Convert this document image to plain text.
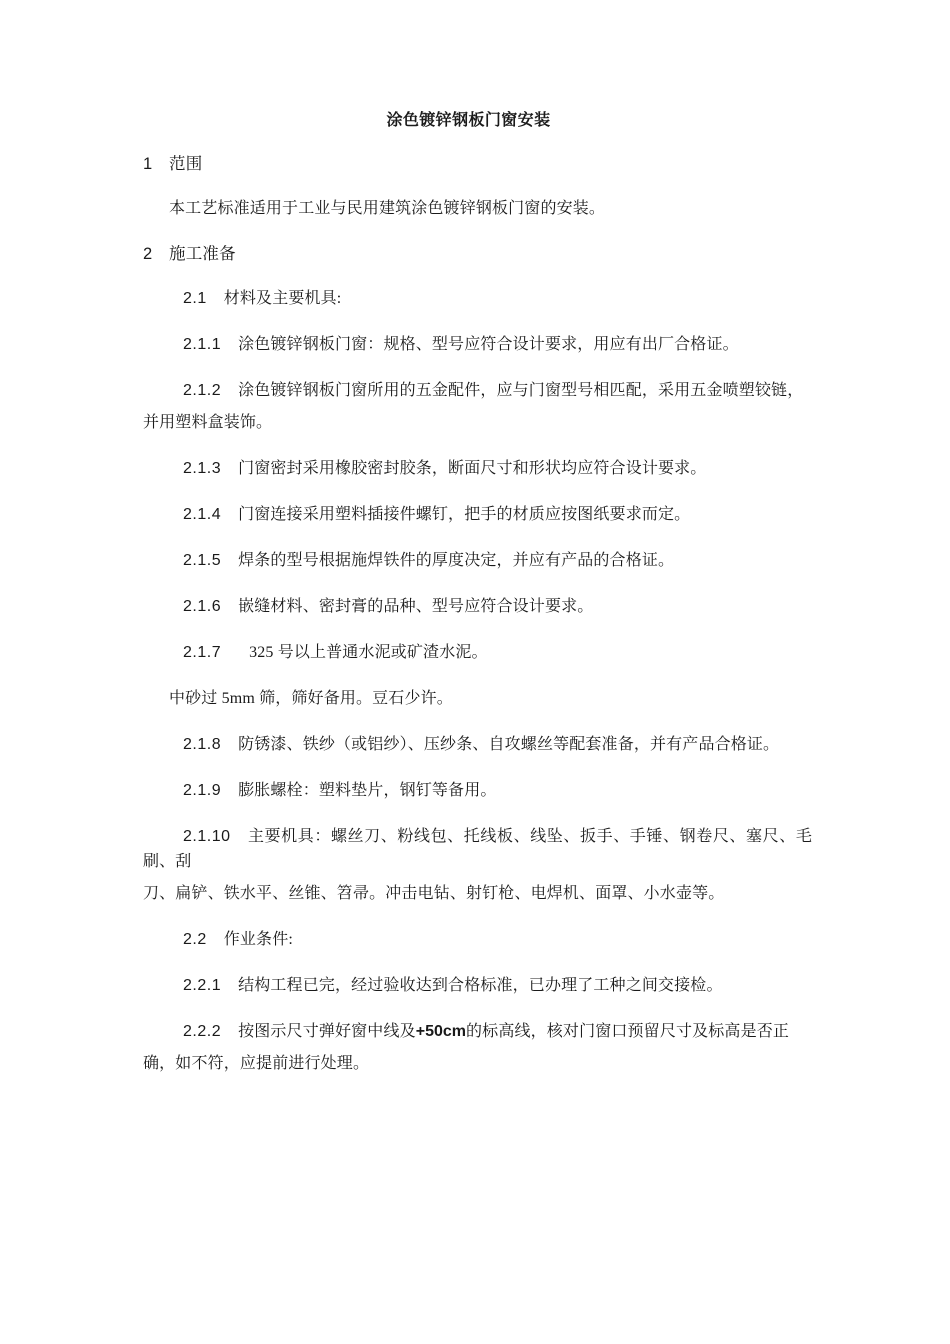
涂色镀锌钢板门窗安装

1 范围

本工艺标准适用于工业与民用建筑涂色镀锌钢板门窗的安装。

2 施工准备

2.1 材料及主要机具:

2.1.1 涂色镀锌钢板门窗：规格、型号应符合设计要求，用应有出厂合格证。

2.1.2 涂色镀锌钢板门窗所用的五金配件，应与门窗型号相匹配，采用五金喷塑铰链，

并用塑料盒装饰。

2.1.3 门窗密封采用橡胶密封胶条，断面尺寸和形状均应符合设计要求。

2.1.4 门窗连接采用塑料插接件螺钉，把手的材质应按图纸要求而定。

2.1.5 焊条的型号根据施焊铁件的厚度决定，并应有产品的合格证。

2.1.6 嵌缝材料、密封膏的品种、型号应符合设计要求。

2.1.7 325 号以上普通水泥或矿渣水泥。

中砂过 5mm 筛，筛好备用。豆石少许。

2.1.8 防锈漆、铁纱（或铝纱）、压纱条、自攻螺丝等配套准备，并有产品合格证。

2.1.9 膨胀螺栓：塑料垫片，钢钉等备用。

2.1.10 主要机具：螺丝刀、粉线包、托线板、线坠、扳手、手锤、钢卷尺、塞尺、毛刷、刮

刀、扁铲、铁水平、丝锥、笤帚。冲击电钻、射钉枪、电焊机、面罩、小水壶等。

2.2 作业条件:

2.2.1 结构工程已完，经过验收达到合格标准，已办理了工种之间交接检。

2.2.2 按图示尺寸弹好窗中线及+50cm的标高线，核对门窗口预留尺寸及标高是否正

确，如不符，应提前进行处理。
